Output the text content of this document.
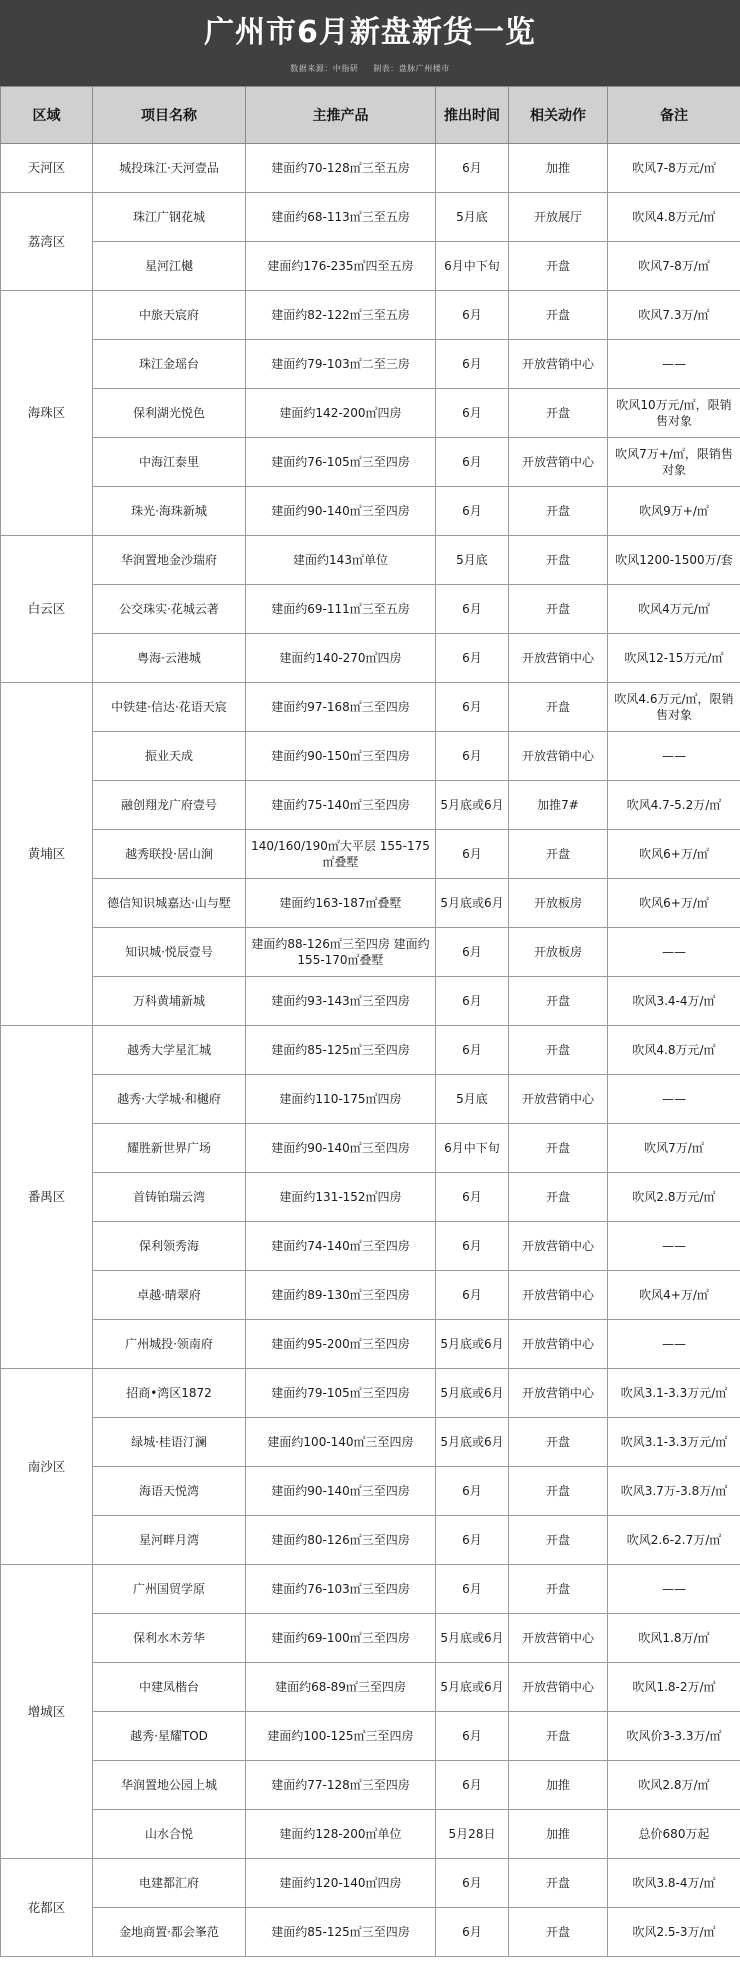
广州市6月新盘新货一览
数据来源：中指研 制表：盘脉广州楼市
区域	项目名称	主推产品	推出时间	相关动作	备注
天河区	城投珠江·天河壹品	建面约70-128㎡三至五房	6月	加推	吹风7-8万元/㎡
荔湾区	珠江广钢花城	建面约68-113㎡三至五房	5月底	开放展厅	吹风4.8万元/㎡
	星河江樾	建面约176-235㎡四至五房	6月中下旬	开盘	吹风7-8万/㎡
海珠区	中旅天宸府	建面约82-122㎡三至五房	6月	开盘	吹风7.3万/㎡
	珠江金瑶台	建面约79-103㎡二至三房	6月	开放营销中心	——
	保利湖光悦色	建面约142-200㎡四房	6月	开盘	吹风10万元/㎡，限销售对象
	中海江泰里	建面约76-105㎡三至四房	6月	开放营销中心	吹风7万+/㎡，限销售对象
	珠光·海珠新城	建面约90-140㎡三至四房	6月	开盘	吹风9万+/㎡
白云区	华润置地金沙瑞府	建面约143㎡单位	5月底	开盘	吹风1200-1500万/套
	公交珠实·花城云著	建面约69-111㎡三至五房	6月	开盘	吹风4万元/㎡
	粤海·云港城	建面约140-270㎡四房	6月	开放营销中心	吹风12-15万元/㎡
黄埔区	中铁建·信达·花语天宸	建面约97-168㎡三至四房	6月	开盘	吹风4.6万元/㎡，限销售对象
	振业天成	建面约90-150㎡三至四房	6月	开放营销中心	——
	融创翔龙广府壹号	建面约75-140㎡三至四房	5月底或6月	加推7#	吹风4.7-5.2万/㎡
	越秀联投·居山涧	140/160/190㎡大平层 155-175㎡叠墅	6月	开盘	吹风6+万/㎡
	德信知识城嘉达·山与墅	建面约163-187㎡叠墅	5月底或6月	开放板房	吹风6+万/㎡
	知识城·悦辰壹号	建面约88-126㎡三至四房 建面约155-170㎡叠墅	6月	开放板房	——
	万科黄埔新城	建面约93-143㎡三至四房	6月	开盘	吹风3.4-4万/㎡
番禺区	越秀大学星汇城	建面约85-125㎡三至四房	6月	开盘	吹风4.8万元/㎡
	越秀·大学城·和樾府	建面约110-175㎡四房	5月底	开放营销中心	——
	耀胜新世界广场	建面约90-140㎡三至四房	6月中下旬	开盘	吹风7万/㎡
	首铸铂瑞云湾	建面约131-152㎡四房	6月	开盘	吹风2.8万元/㎡
	保利领秀海	建面约74-140㎡三至四房	6月	开放营销中心	——
	卓越·晴翠府	建面约89-130㎡三至四房	6月	开放营销中心	吹风4+万/㎡
	广州城投·领南府	建面约95-200㎡三至四房	5月底或6月	开放营销中心	——
南沙区	招商•湾区1872	建面约79-105㎡三至四房	5月底或6月	开放营销中心	吹风3.1-3.3万元/㎡
	绿城·桂语汀澜	建面约100-140㎡三至四房	5月底或6月	开盘	吹风3.1-3.3万元/㎡
	海语天悦湾	建面约90-140㎡三至四房	6月	开盘	吹风3.7万-3.8万/㎡
	星河畔月湾	建面约80-126㎡三至四房	6月	开盘	吹风2.6-2.7万/㎡
增城区	广州国贸学原	建面约76-103㎡三至四房	6月	开盘	——
	保利水木芳华	建面约69-100㎡三至四房	5月底或6月	开放营销中心	吹风1.8万/㎡
	中建凤楷台	建面约68-89㎡三至四房	5月底或6月	开放营销中心	吹风1.8-2万/㎡
	越秀·星耀TOD	建面约100-125㎡三至四房	6月	开盘	吹风价3-3.3万/㎡
	华润置地公园上城	建面约77-128㎡三至四房	6月	加推	吹风2.8万/㎡
	山水合悦	建面约128-200㎡单位	5月28日	加推	总价680万起
花都区	电建都汇府	建面约120-140㎡四房	6月	开盘	吹风3.8-4万/㎡
	金地商置·都会峯范	建面约85-125㎡三至四房	6月	开盘	吹风2.5-3万/㎡
